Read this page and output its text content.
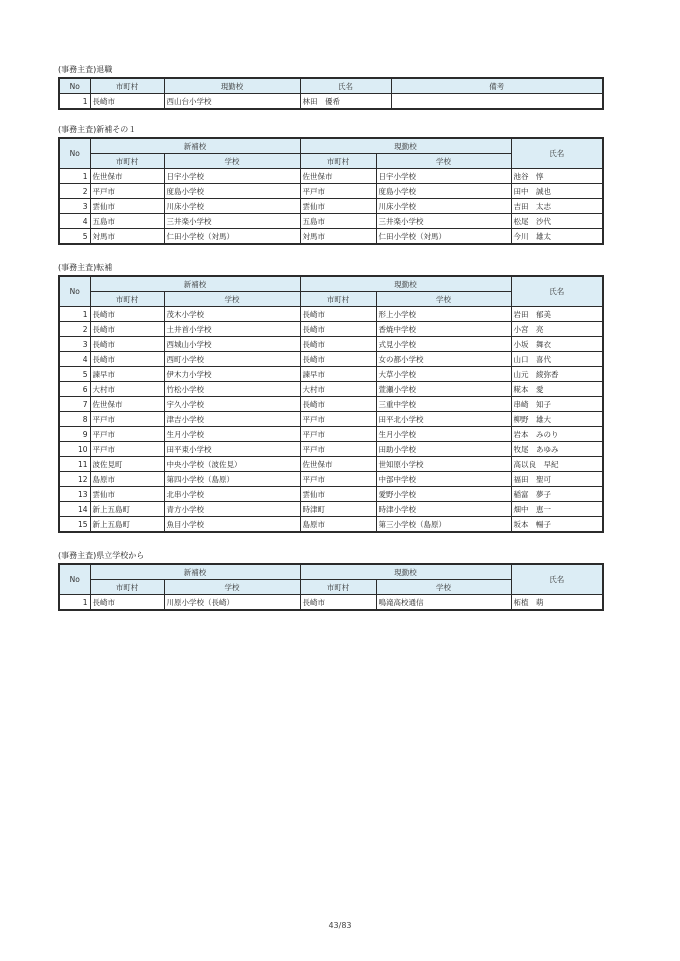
(事務主査)退職
No	市町村	現勤校	氏名	備考
1	長崎市	西山台小学校	林田　優希	
(事務主査)新補その１
No	新補校		現勤校		氏名
	市町村	学校	市町村	学校	
1	佐世保市	日宇小学校	佐世保市	日宇小学校	池谷　惇
2	平戸市	度島小学校	平戸市	度島小学校	田中　誠也
3	雲仙市	川床小学校	雲仙市	川床小学校	吉田　太志
4	五島市	三井楽小学校	五島市	三井楽小学校	松尾　沙代
5	対馬市	仁田小学校（対馬）	対馬市	仁田小学校（対馬）	今川　雄太
(事務主査)転補
No	新補校		現勤校		氏名
	市町村	学校	市町村	学校	
1	長崎市	茂木小学校	長崎市	形上小学校	岩田　郁美
2	長崎市	土井首小学校	長崎市	香焼中学校	小宮　亮
3	長崎市	西城山小学校	長崎市	式見小学校	小坂　舞衣
4	長崎市	西町小学校	長崎市	女の都小学校	山口　喜代
5	諫早市	伊木力小学校	諫早市	大草小学校	山元　綾弥香
6	大村市	竹松小学校	大村市	萱瀬小学校	糀本　愛
7	佐世保市	宇久小学校	長崎市	三重中学校	串崎　知子
8	平戸市	津吉小学校	平戸市	田平北小学校	柳野　雄大
9	平戸市	生月小学校	平戸市	生月小学校	岩本　みのり
10	平戸市	田平東小学校	平戸市	田助小学校	牧尾　あゆみ
11	波佐見町	中央小学校（波佐見）	佐世保市	世知原小学校	高以良　早紀
12	島原市	第四小学校（島原）	平戸市	中部中学校	福田　聖可
13	雲仙市	北串小学校	雲仙市	愛野小学校	稲富　夢子
14	新上五島町	青方小学校	時津町	時津小学校	畑中　恵一
15	新上五島町	魚目小学校	島原市	第三小学校（島原）	坂本　暢子
(事務主査)県立学校から
No	新補校		現勤校		氏名
	市町村	学校	市町村	学校	
1	長崎市	川原小学校（長崎）	長崎市	鳴滝高校通信	柘植　萌
43/83
